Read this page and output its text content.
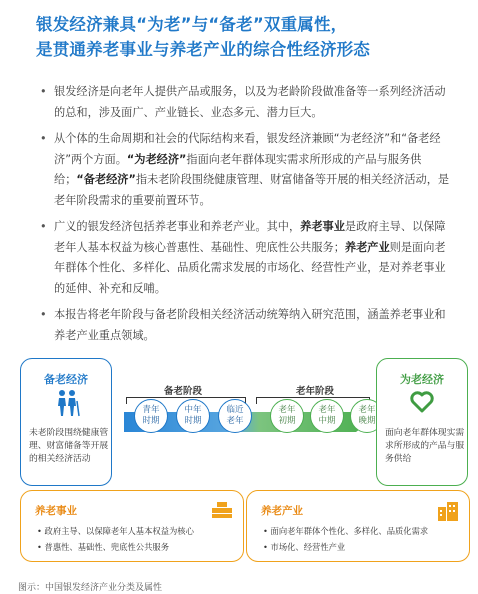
银发经济兼具“为老”与“备老”双重属性，
是贯通养老事业与养老产业的综合性经济形态
• 银发经济是向老年人提供产品或服务，以及为老龄阶段做准备等一系列经济活动的总和，涉及面广、产业链长、业态多元、潜力巨大。
• 从个体的生命周期和社会的代际结构来看，银发经济兼顾“为老经济”和“备老经济”两个方面。“为老经济”指面向老年群体现实需求所形成的产品与服务供给；“备老经济”指未老阶段围绕健康管理、财富储备等开展的相关经济活动，是老年阶段需求的重要前置环节。
• 广义的银发经济包括养老事业和养老产业。其中，养老事业是政府主导、以保障老年人基本权益为核心普惠性、基础性、兜底性公共服务；养老产业则是面向老年群体个性化、多样化、品质化需求发展的市场化、经营性产业，是对养老事业的延伸、补充和反哺。
• 本报告将老年阶段与备老阶段相关经济活动统筹纳入研究范围，涵盖养老事业和养老产业重点领域。
备老经济
未老阶段围绕健康管理、财富储备等开展的相关经济活动
备老阶段	老年阶段
青年时期
中年时期
临近老年
老年初期
老年中期
老年晚期
为老经济
面向老年群体现实需求所形成的产品与服务供给
养老事业
• 政府主导、以保障老年人基本权益为核心
• 普惠性、基础性、兜底性公共服务
养老产业
• 面向老年群体个性化、多样化、品质化需求
• 市场化、经营性产业
图示：中国银发经济产业分类及属性
